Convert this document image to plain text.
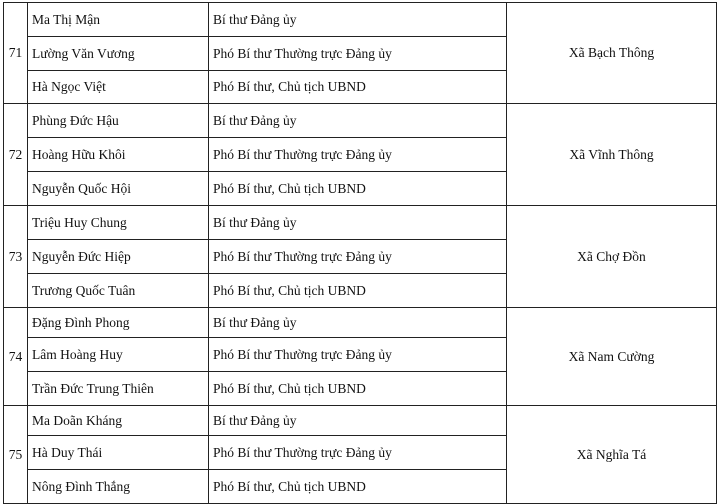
71	Ma Thị Mận	Bí thư Đảng ủy	Xã Bạch Thông
	Lường Văn Vương	Phó Bí thư Thường trực Đảng ủy	
	Hà Ngọc Việt	Phó Bí thư, Chủ tịch UBND	
72	Phùng Đức Hậu	Bí thư Đảng ủy	Xã Vĩnh Thông
	Hoàng Hữu Khôi	Phó Bí thư Thường trực Đảng ủy	
	Nguyễn Quốc Hội	Phó Bí thư, Chủ tịch UBND	
73	Triệu Huy Chung	Bí thư Đảng ủy	Xã Chợ Đồn
	Nguyễn Đức Hiệp	Phó Bí thư Thường trực Đảng ủy	
	Trương Quốc Tuân	Phó Bí thư, Chủ tịch UBND	
74	Đặng Đình Phong	Bí thư Đảng ủy	Xã Nam Cường
	Lâm Hoàng Huy	Phó Bí thư Thường trực Đảng ủy	
	Trần Đức Trung Thiên	Phó Bí thư, Chủ tịch UBND	
75	Ma Doãn Kháng	Bí thư Đảng ủy	Xã Nghĩa Tá
	Hà Duy Thái	Phó Bí thư Thường trực Đảng ủy	
	Nông Đình Thắng	Phó Bí thư, Chủ tịch UBND	
